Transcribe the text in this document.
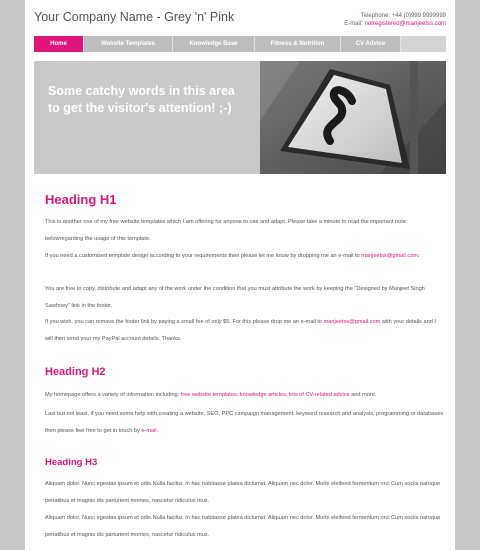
Your Company Name - Grey 'n' Pink	Telephone: +44 (0)999 9999999
E-mail: notregistered@manjeetss.com
Home	Website Templates	Knowledge Base	Fitness & Nutrition	CV Advice
Some catchy words in this area to get the visitor's attention! ;-)
Heading H1
This is another one of my free website templates which I am offering for anyone to use and adapt. Please take a minute to read the important note belowregarding the usage of this template.
If you need a customised template design according to your requirements then please let me know by dropping me an e-mail to manjeetss@gmail.com.
You are free to copy, distribute and adapt any of the work under the condition that you must attribute the work by keeping the "Designed by Manjeet Singh Sawhney" link in the footer.
If you wish, you can remove the footer link by paying a small fee of only $5. For this please drop me an e-mail to manjeetss@gmail.com with your details and I will then send your my PayPal account details. Thanks.
Heading H2
My homepage offers a variety of information including: free website templates, knowledge articles, lots of CV-related advice and more.
Last but not least, if you need some help with creating a website, SEO, PPC campaign management, keyword research and analysis, programming or databases then please feel free to get in touch by e-mail.
Heading H3
Aliquam dolor. Nunc egestas ipsum et odio.Nulla facilisi. In hac habitasse platea dictumst. Aliquam nec dolor. Morbi eleifend fermentum orci Cum sociis natoque penatibus et magnis dis parturient montes, nascetur ridiculus mus.
Aliquam dolor. Nunc egestas ipsum et odio.Nulla facilisi. In hac habitasse platea dictumst. Aliquam nec dolor. Morbi eleifend fermentum orci Cum sociis natoque penatibus et magnis dis parturient montes, nascetur ridiculus mus.
